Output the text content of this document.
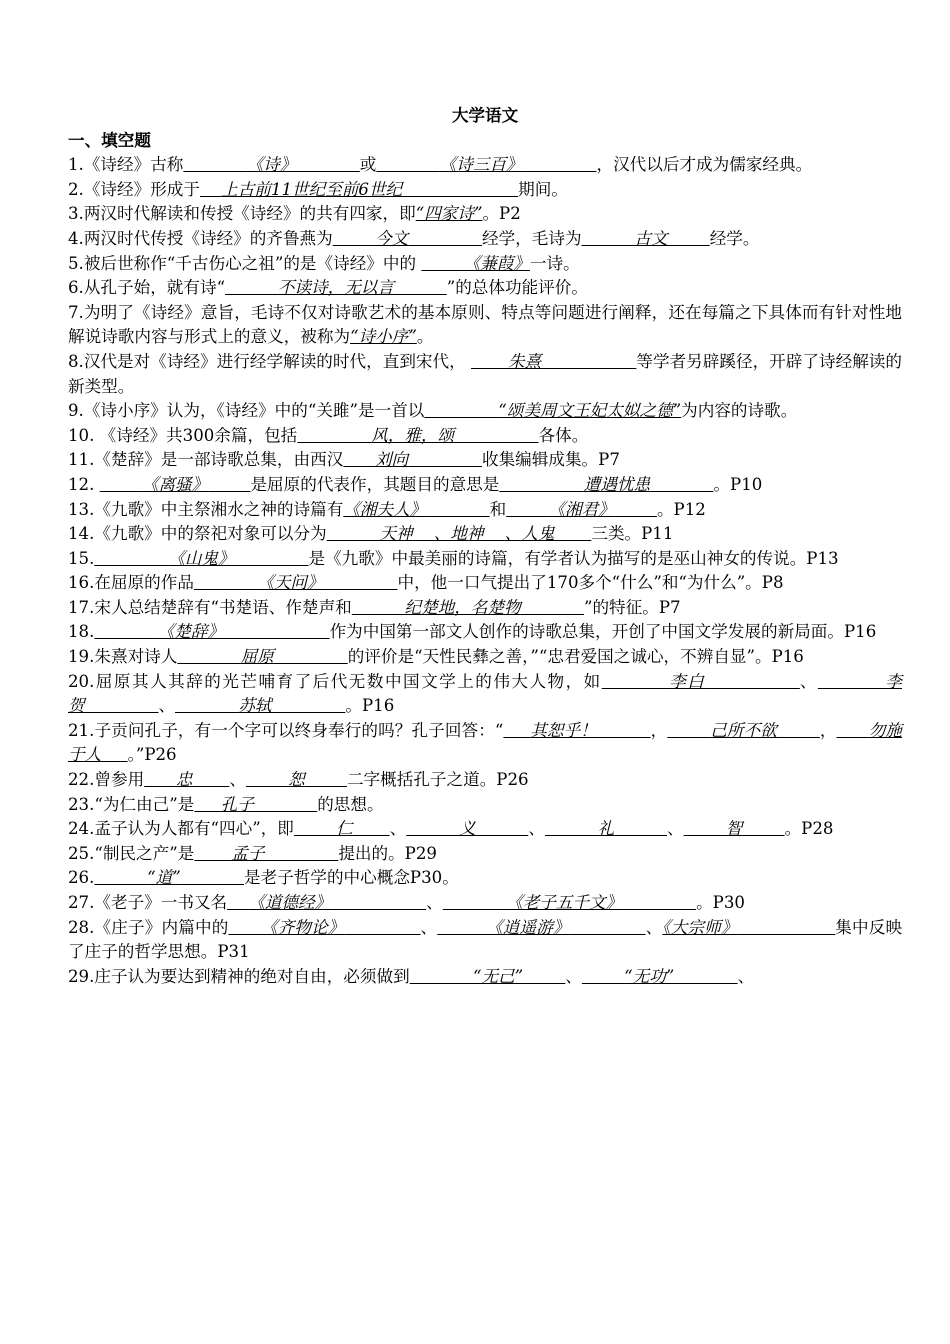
大学语文
一、填空题
1.《诗经》古称	《诗》	或	《诗三百》	，汉代以后才成为儒家经典。
2.《诗经》形成于 上古前11世纪至前6世纪	期间。
3.两汉时代解读和传授《诗经》的共有四家，即“四家诗”。P2
4.两汉时代传授《诗经》的齐鲁燕为	今文	经学，毛诗为	古文	经学。
5.被后世称作“千古伤心之祖”的是《诗经》中的	《蒹葭》一诗。
6.从孔子始，就有诗“	不读诗，无以言	”的总体功能评价。
7.为明了《诗经》意旨，毛诗不仅对诗歌艺术的基本原则、特点等问题进行阐释，还在每篇之下具体而有针对性地解说诗歌内容与形式上的意义，被称为“诗小序”。
8.汉代是对《诗经》进行经学解读的时代，直到宋代，        朱熹	等学者另辟蹊径，开辟了诗经解读的新类型。
9.《诗小序》认为，《诗经》中的“关雎”是一首以	“颂美周文王妃太姒之德”为内容的诗歌。
10. 《诗经》共300余篇，包括	风，雅，颂	各体。
11.《楚辞》是一部诗歌总集，由西汉 刘向	收集编辑成集。P7
12.	《离骚》	是屈原的代表作，其题目的意思是	遭遇忧患	。P10
13.《九歌》中主祭湘水之神的诗篇有《湘夫人》	和	《湘君》	。P12
14.《九歌》中的祭祀对象可以分为	天神 、地神 、人鬼 三类。P11
15.	《山鬼》	是《九歌》中最美丽的诗篇，有学者认为描写的是巫山神女的传说。P13
16.在屈原的作品	《天问》	中，他一口气提出了170多个“什么”和“为什么”。P8
17.宋人总结楚辞有“书楚语、作楚声和	纪楚地，名楚物	”的特征。P7
18.	《楚辞》	作为中国第一部文人创作的诗歌总集，开创了中国文学发展的新局面。P16
19.朱熹对诗人	屈原	的评价是“天性民彝之善，”“忠君爱国之诚心，不辨自显”。P16
20.屈原其人其辞的光芒哺育了后代无数中国文学上的伟大人物，如	李白	、	李贺	、	苏轼	。P16
21.子贡问孔子，有一个字可以终身奉行的吗？孔子回答：“ 其恕乎！	，	己所不欲	， 勿施于人 。”P26
22.曾参用 忠 、	恕	二字概括孔子之道。P26
23.“为仁由己”是 孔子	的思想。
24.孟子认为人都有“四心”，即	仁 、	义	、	礼	、	智	。P28
25.“制民之产”是 孟子	提出的。P29
26.	“道”	是老子哲学的中心概念P30。
27.《老子》一书又名 《道德经》	、	《老子五千文》	。P30
28.《庄子》内篇中的 《齐物论》	、	《逍遥游》	、《大宗师》	集中反映了庄子的哲学思想。P31
29.庄子认为要达到精神的绝对自由，必须做到	“无己”	、	“无功”	、
